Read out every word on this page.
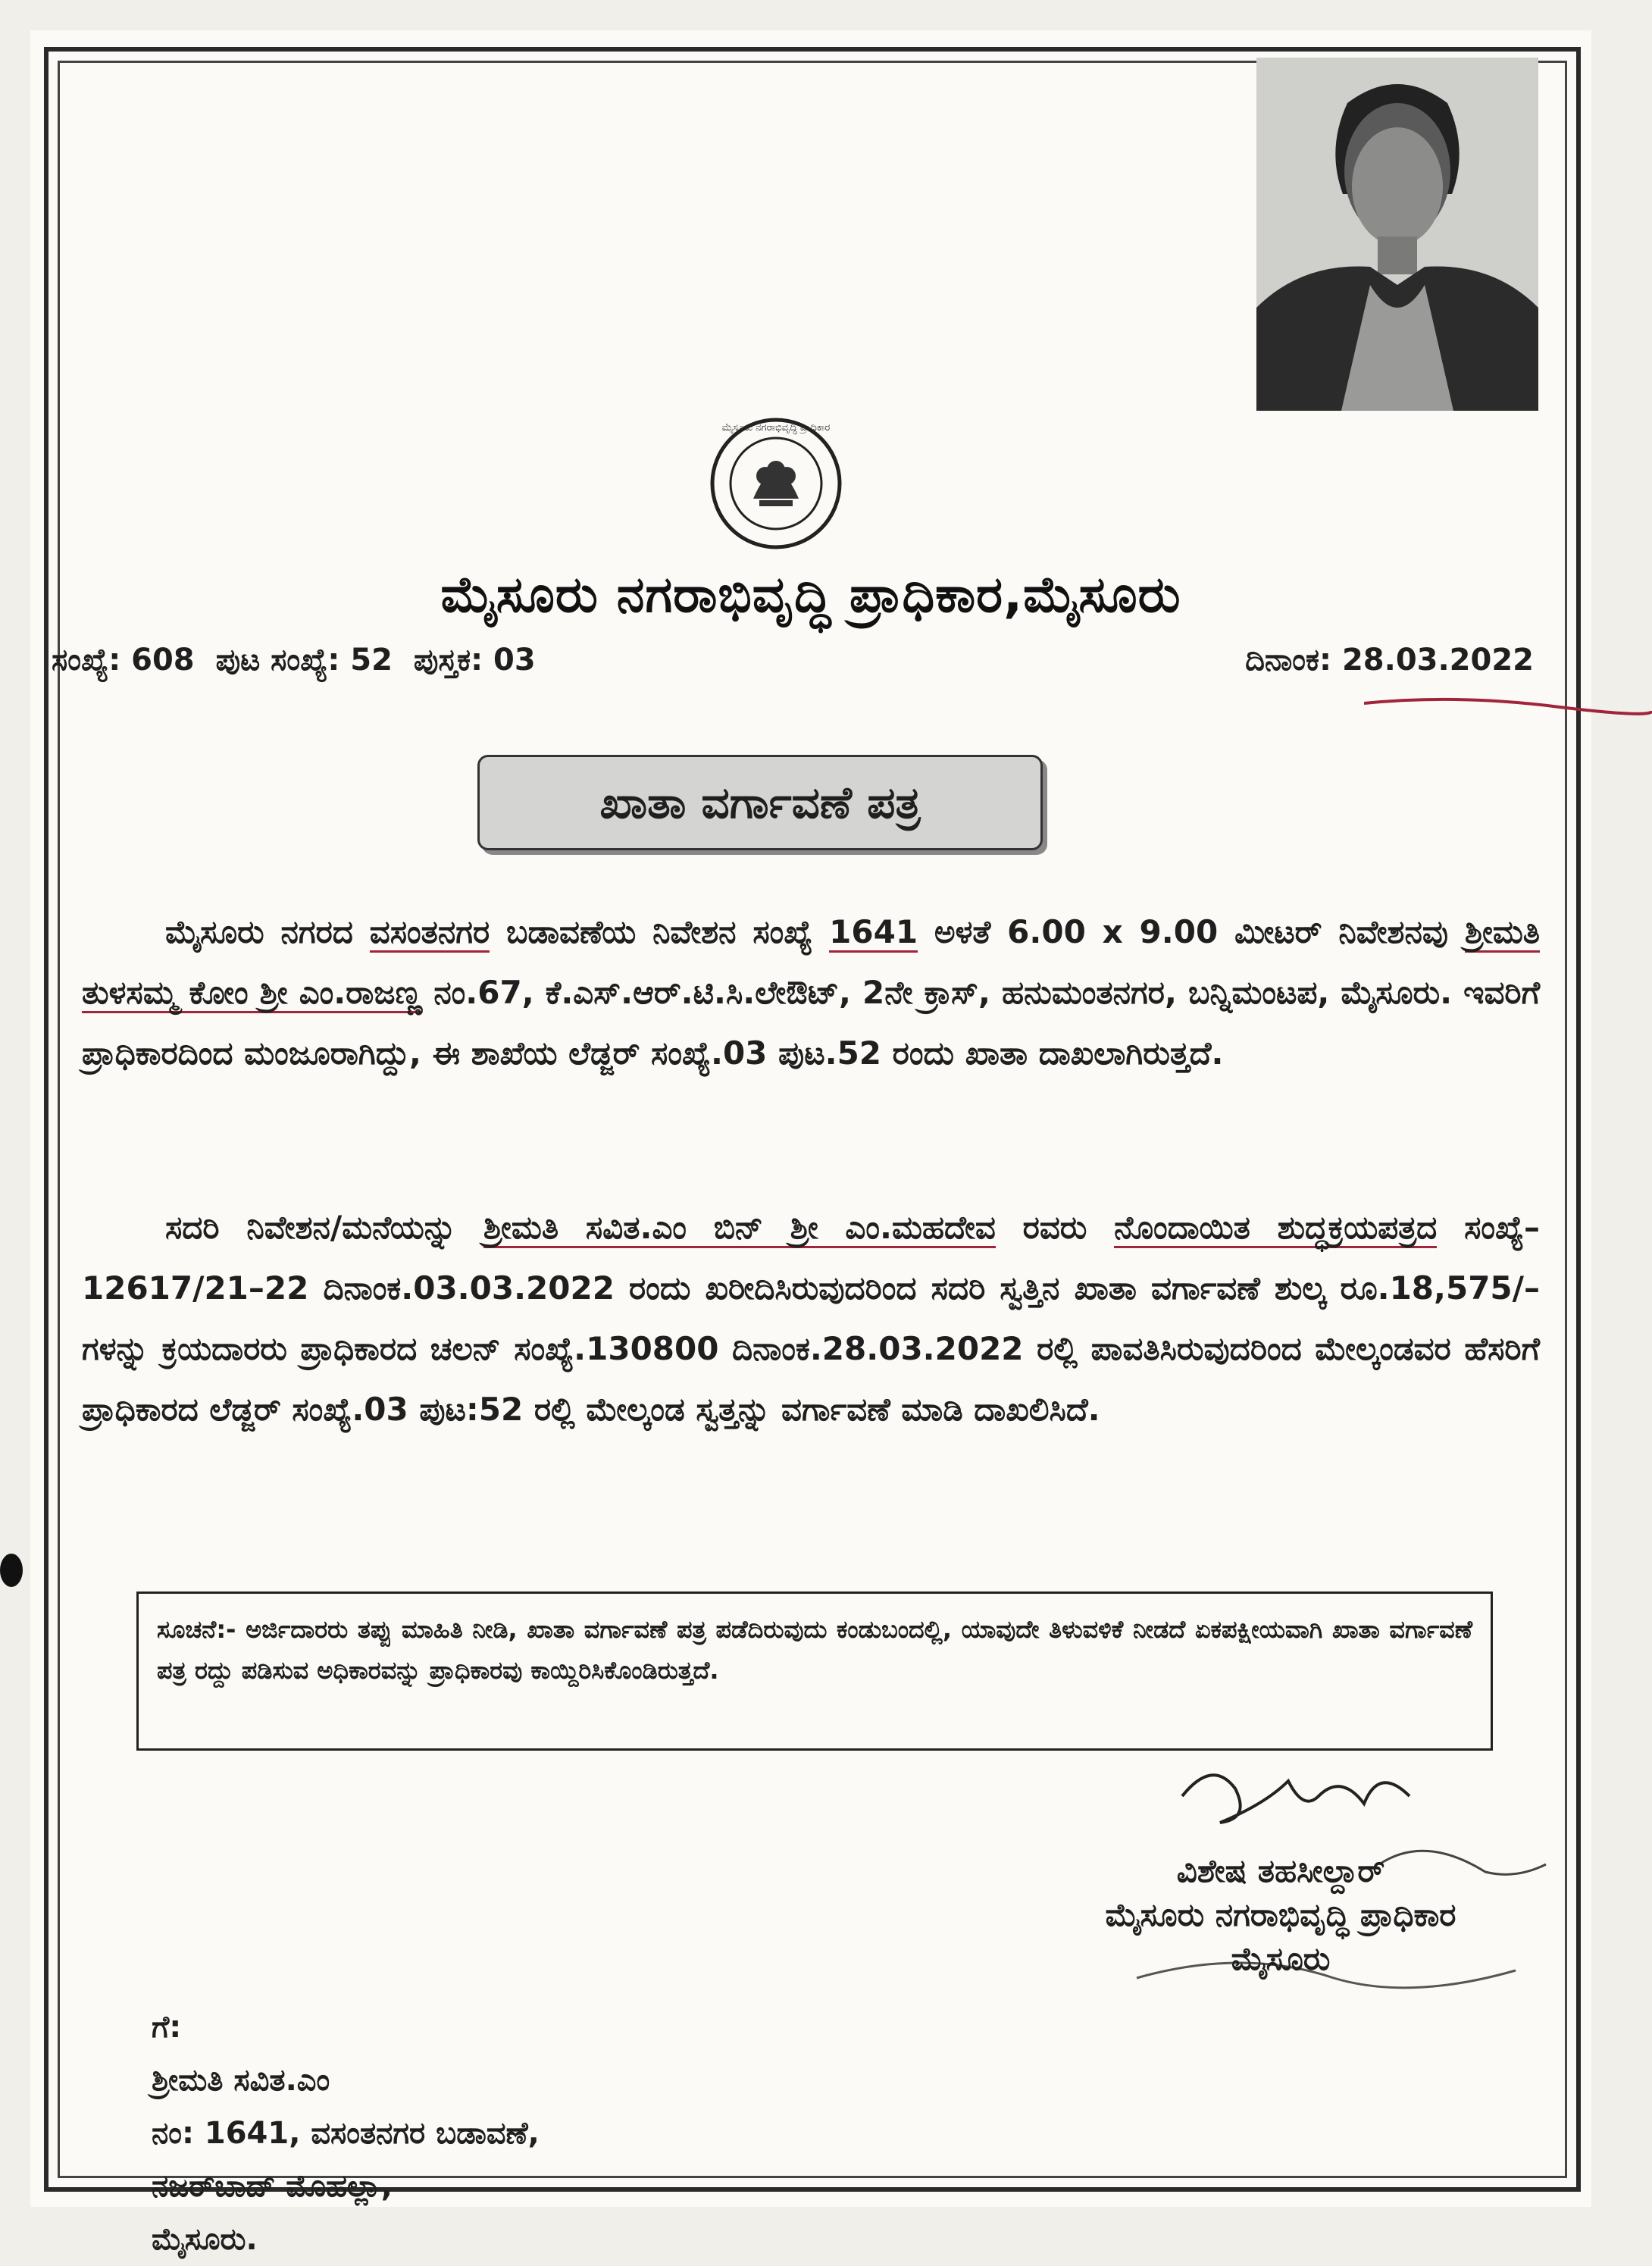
ಮೈಸೂರು ನಗರಾಭಿವೃದ್ಧಿ ಪ್ರಾಧಿಕಾರ
ಮೈಸೂರು ನಗರಾಭಿವೃದ್ಧಿ ಪ್ರಾಧಿಕಾರ,ಮೈಸೂರು
ಸಂಖ್ಯೆ: 608 ಪುಟ ಸಂಖ್ಯೆ: 52 ಪುಸ್ತಕ: 03	ದಿನಾಂಕ: 28.03.2022
ಖಾತಾ ವರ್ಗಾವಣೆ ಪತ್ರ
ಮೈಸೂರು ನಗರದ ವಸಂತನಗರ ಬಡಾವಣೆಯ ನಿವೇಶನ ಸಂಖ್ಯೆ 1641 ಅಳತೆ 6.00 x 9.00 ಮೀಟರ್ ನಿವೇಶನವು ಶ್ರೀಮತಿ ತುಳಸಮ್ಮ ಕೋಂ ಶ್ರೀ ಎಂ.ರಾಜಣ್ಣ ನಂ.67, ಕೆ.ಎಸ್.ಆರ್.ಟಿ.ಸಿ.ಲೇಔಟ್, 2ನೇ ಕ್ರಾಸ್, ಹನುಮಂತನಗರ, ಬನ್ನಿಮಂಟಪ, ಮೈಸೂರು. ಇವರಿಗೆ ಪ್ರಾಧಿಕಾರದಿಂದ ಮಂಜೂರಾಗಿದ್ದು, ಈ ಶಾಖೆಯ ಲೆಡ್ಜರ್ ಸಂಖ್ಯೆ.03 ಪುಟ.52 ರಂದು ಖಾತಾ ದಾಖಲಾಗಿರುತ್ತದೆ.
ಸದರಿ ನಿವೇಶನ/ಮನೆಯನ್ನು ಶ್ರೀಮತಿ ಸವಿತ.ಎಂ ಬಿನ್ ಶ್ರೀ ಎಂ.ಮಹದೇವ ರವರು ನೊಂದಾಯಿತ ಶುದ್ಧಕ್ರಯಪತ್ರದ ಸಂಖ್ಯೆ–12617/21–22 ದಿನಾಂಕ.03.03.2022 ರಂದು ಖರೀದಿಸಿರುವುದರಿಂದ ಸದರಿ ಸ್ವತ್ತಿನ ಖಾತಾ ವರ್ಗಾವಣೆ ಶುಲ್ಕ ರೂ.18,575/–ಗಳನ್ನು ಕ್ರಯದಾರರು ಪ್ರಾಧಿಕಾರದ ಚಲನ್ ಸಂಖ್ಯೆ.130800 ದಿನಾಂಕ.28.03.2022 ರಲ್ಲಿ ಪಾವತಿಸಿರುವುದರಿಂದ ಮೇಲ್ಕಂಡವರ ಹೆಸರಿಗೆ ಪ್ರಾಧಿಕಾರದ ಲೆಡ್ಜರ್ ಸಂಖ್ಯೆ.03 ಪುಟ:52 ರಲ್ಲಿ ಮೇಲ್ಕಂಡ ಸ್ವತ್ತನ್ನು ವರ್ಗಾವಣೆ ಮಾಡಿ ದಾಖಲಿಸಿದೆ.
ಸೂಚನೆ:- ಅರ್ಜಿದಾರರು ತಪ್ಪು ಮಾಹಿತಿ ನೀಡಿ, ಖಾತಾ ವರ್ಗಾವಣೆ ಪತ್ರ ಪಡೆದಿರುವುದು ಕಂಡುಬಂದಲ್ಲಿ, ಯಾವುದೇ ತಿಳುವಳಿಕೆ ನೀಡದೆ ಏಕಪಕ್ಷೀಯವಾಗಿ ಖಾತಾ ವರ್ಗಾವಣೆ ಪತ್ರ ರದ್ದು ಪಡಿಸುವ ಅಧಿಕಾರವನ್ನು ಪ್ರಾಧಿಕಾರವು ಕಾಯ್ದಿರಿಸಿಕೊಂಡಿರುತ್ತದೆ.
ವಿಶೇಷ ತಹಸೀಲ್ದಾರ್
ಮೈಸೂರು ನಗರಾಭಿವೃದ್ಧಿ ಪ್ರಾಧಿಕಾರ
ಮೈಸೂರು
ಗೆ:
ಶ್ರೀಮತಿ ಸವಿತ.ಎಂ
ನಂ: 1641, ವಸಂತನಗರ ಬಡಾವಣೆ,
ನಜರ್‌ಬಾದ್ ಮೊಹಲ್ಲಾ,
ಮೈಸೂರು.
